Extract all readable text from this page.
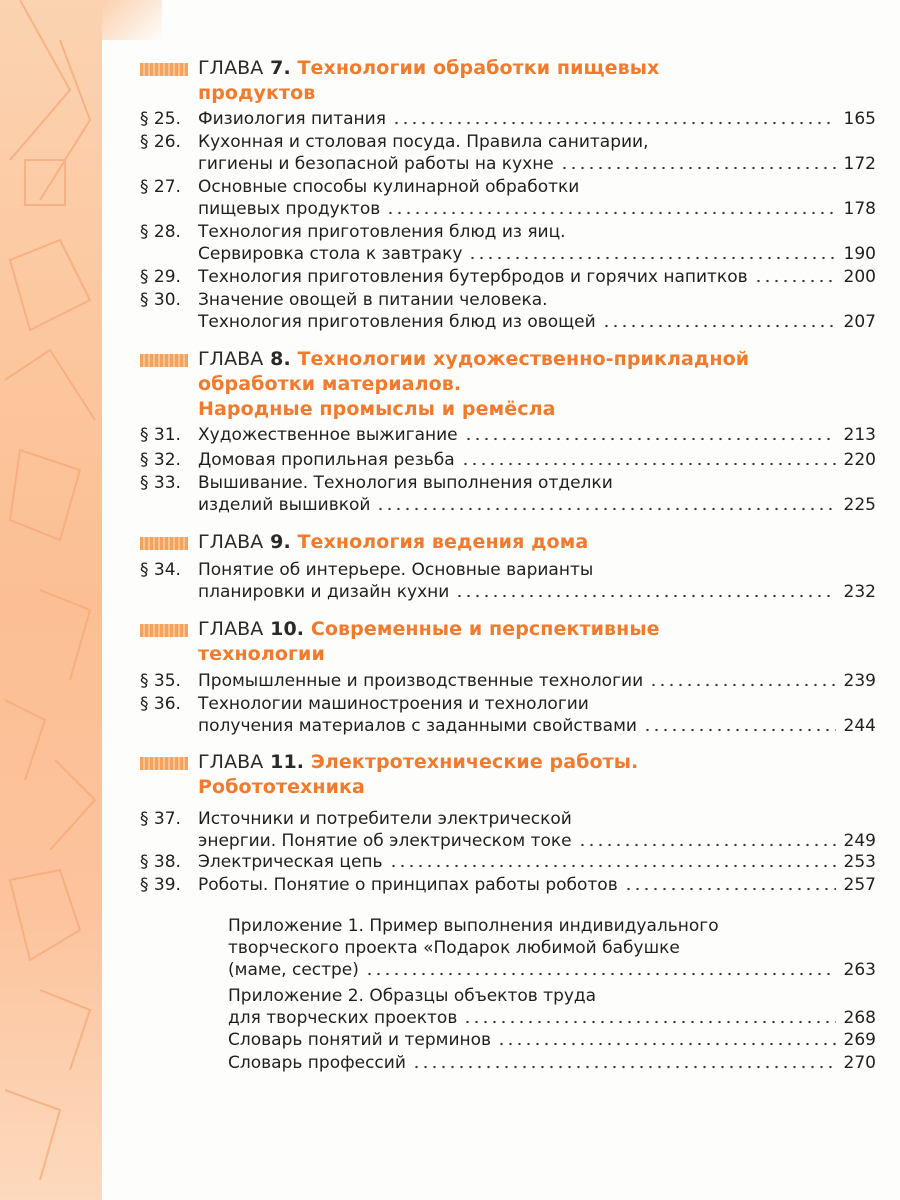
ГЛАВА 7. Технологии обработки пищевых
продуктов
§ 25. Физиология питания	165
§ 26. Кухонная и столовая посуда. Правила санитарии,
гигиены и безопасной работы на кухне	172
§ 27. Основные способы кулинарной обработки
пищевых продуктов	178
§ 28. Технология приготовления блюд из яиц.
Сервировка стола к завтраку	190
§ 29. Технология приготовления бутербродов и горячих напитков	200
§ 30. Значение овощей в питании человека.
Технология приготовления блюд из овощей	207
ГЛАВА 8. Технологии художественно-прикладной
обработки материалов.
Народные промыслы и ремёсла
§ 31. Художественное выжигание	213
§ 32. Домовая пропильная резьба	220
§ 33. Вышивание. Технология выполнения отделки
изделий вышивкой	225
ГЛАВА 9. Технология ведения дома
§ 34. Понятие об интерьере. Основные варианты
планировки и дизайн кухни	232
ГЛАВА 10. Современные и перспективные
технологии
§ 35. Промышленные и производственные технологии	239
§ 36. Технологии машиностроения и технологии
получения материалов с заданными свойствами	244
ГЛАВА 11. Электротехнические работы.
Робототехника
§ 37. Источники и потребители электрической
энергии. Понятие об электрическом токе	249
§ 38. Электрическая цепь	253
§ 39. Роботы. Понятие о принципах работы роботов	257
Приложение 1. Пример выполнения индивидуального
творческого проекта «Подарок любимой бабушке
(маме, сестре)	263
Приложение 2. Образцы объектов труда
для творческих проектов	268
Словарь понятий и терминов	269
Словарь профессий	270
